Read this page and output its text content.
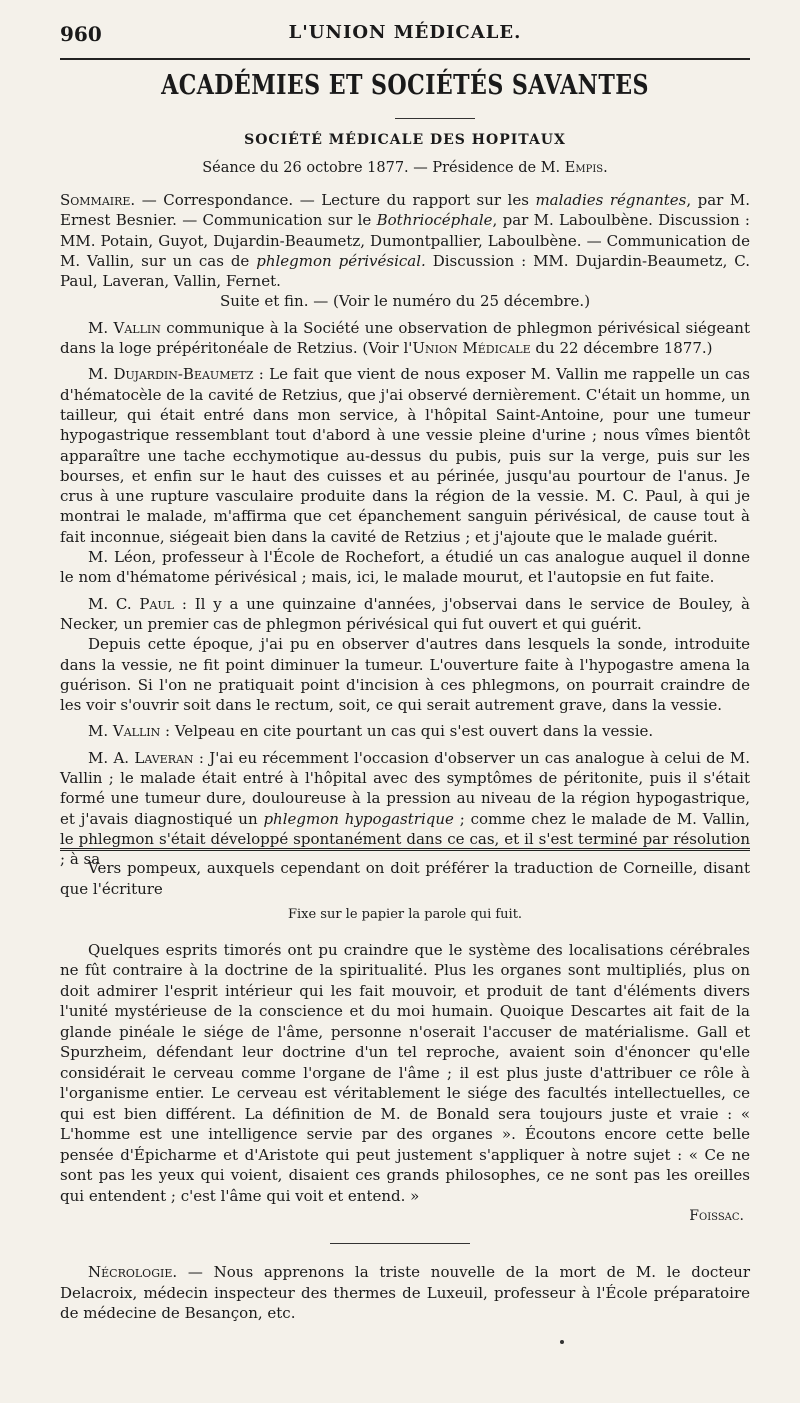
960	L'UNION MÉDICALE.
ACADÉMIES ET SOCIÉTÉS SAVANTES
SOCIÉTÉ MÉDICALE DES HOPITAUX
Séance du 26 octobre 1877. — Présidence de M. Empis.

Sommaire. — Correspondance. — Lecture du rapport sur les maladies régnantes, par M. Ernest Besnier. — Communication sur le Bothriocéphale, par M. Laboulbène. Discussion : MM. Potain, Guyot, Dujardin-Beaumetz, Dumontpallier, Laboulbène. — Communication de M. Vallin, sur un cas de phlegmon périvésical. Discussion : MM. Dujardin-Beaumetz, C. Paul, Laveran, Vallin, Fernet.

Suite et fin. — (Voir le numéro du 25 décembre.)

M. Vallin communique à la Société une observation de phlegmon périvésical siégeant dans la loge prépéritonéale de Retzius. (Voir l'Union Médicale du 22 décembre 1877.)

M. Dujardin-Beaumetz : Le fait que vient de nous exposer M. Vallin me rappelle un cas d'hématocèle de la cavité de Retzius, que j'ai observé dernièrement. C'était un homme, un tailleur, qui était entré dans mon service, à l'hôpital Saint-Antoine, pour une tumeur hypogastrique ressemblant tout d'abord à une vessie pleine d'urine ; nous vîmes bientôt apparaître une tache ecchymotique au-dessus du pubis, puis sur la verge, puis sur les bourses, et enfin sur le haut des cuisses et au périnée, jusqu'au pourtour de l'anus. Je crus à une rupture vasculaire produite dans la région de la vessie. M. C. Paul, à qui je montrai le malade, m'affirma que cet épanchement sanguin périvésical, de cause tout à fait inconnue, siégeait bien dans la cavité de Retzius ; et j'ajoute que le malade guérit.

M. Léon, professeur à l'École de Rochefort, a étudié un cas analogue auquel il donne le nom d'hématome périvésical ; mais, ici, le malade mourut, et l'autopsie en fut faite.

M. C. Paul : Il y a une quinzaine d'années, j'observai dans le service de Bouley, à Necker, un premier cas de phlegmon périvésical qui fut ouvert et qui guérit.

Depuis cette époque, j'ai pu en observer d'autres dans lesquels la sonde, introduite dans la vessie, ne fit point diminuer la tumeur. L'ouverture faite à l'hypogastre amena la guérison. Si l'on ne pratiquait point d'incision à ces phlegmons, on pourrait craindre de les voir s'ouvrir soit dans le rectum, soit, ce qui serait autrement grave, dans la vessie.

M. Vallin : Velpeau en cite pourtant un cas qui s'est ouvert dans la vessie.

M. A. Laveran : J'ai eu récemment l'occasion d'observer un cas analogue à celui de M. Vallin ; le malade était entré à l'hôpital avec des symptômes de péritonite, puis il s'était formé une tumeur dure, douloureuse à la pression au niveau de la région hypogastrique, et j'avais diagnostiqué un phlegmon hypogastrique ; comme chez le malade de M. Vallin, le phlegmon s'était développé spontanément dans ce cas, et il s'est terminé par résolution ; à sa

Vers pompeux, auxquels cependant on doit préférer la traduction de Corneille, disant que l'écriture

Fixe sur le papier la parole qui fuit.

Quelques esprits timorés ont pu craindre que le système des localisations cérébrales ne fût contraire à la doctrine de la spiritualité. Plus les organes sont multipliés, plus on doit admirer l'esprit intérieur qui les fait mouvoir, et produit de tant d'éléments divers l'unité mystérieuse de la conscience et du moi humain. Quoique Descartes ait fait de la glande pinéale le siége de l'âme, personne n'oserait l'accuser de matérialisme. Gall et Spurzheim, défendant leur doctrine d'un tel reproche, avaient soin d'énoncer qu'elle considérait le cerveau comme l'organe de l'âme ; il est plus juste d'attribuer ce rôle à l'organisme entier. Le cerveau est véritablement le siége des facultés intellectuelles, ce qui est bien différent. La définition de M. de Bonald sera toujours juste et vraie : « L'homme est une intelligence servie par des organes ». Écoutons encore cette belle pensée d'Épicharme et d'Aristote qui peut justement s'appliquer à notre sujet : « Ce ne sont pas les yeux qui voient, disaient ces grands philosophes, ce ne sont pas les oreilles qui entendent ; c'est l'âme qui voit et entend. »

Foissac.

Nécrologie. — Nous apprenons la triste nouvelle de la mort de M. le docteur Delacroix, médecin inspecteur des thermes de Luxeuil, professeur à l'École préparatoire de médecine de Besançon, etc.
